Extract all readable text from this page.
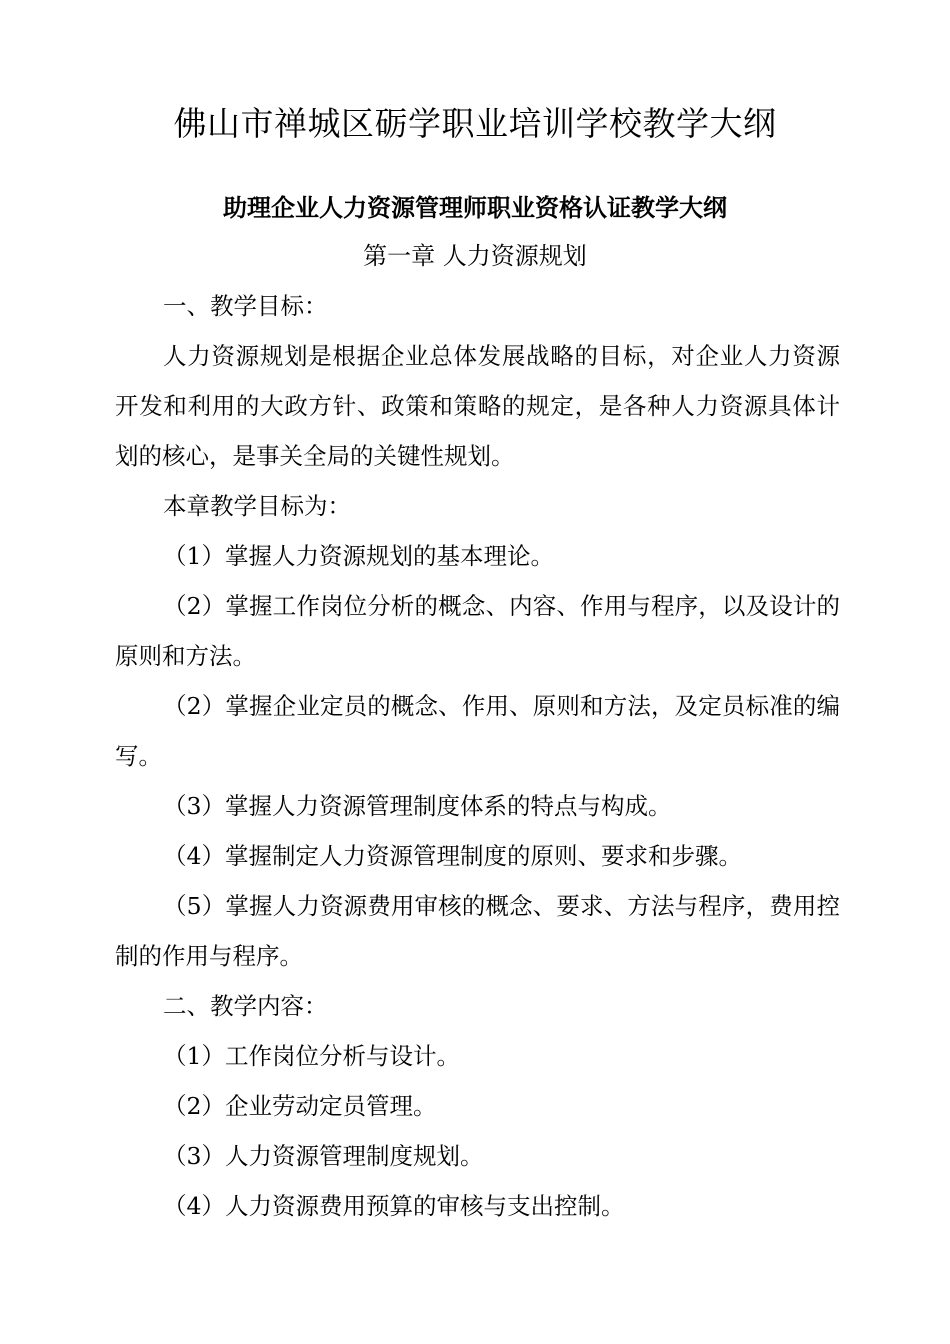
佛山市禅城区砺学职业培训学校教学大纲
助理企业人力资源管理师职业资格认证教学大纲
第一章 人力资源规划
一、教学目标：
人力资源规划是根据企业总体发展战略的目标，对企业人力资源开发和利用的大政方针、政策和策略的规定，是各种人力资源具体计划的核心，是事关全局的关键性规划。
本章教学目标为：
（1）掌握人力资源规划的基本理论。
（2）掌握工作岗位分析的概念、内容、作用与程序，以及设计的原则和方法。
（2）掌握企业定员的概念、作用、原则和方法，及定员标准的编写。
（3）掌握人力资源管理制度体系的特点与构成。
（4）掌握制定人力资源管理制度的原则、要求和步骤。
（5）掌握人力资源费用审核的概念、要求、方法与程序，费用控制的作用与程序。
二、教学内容：
（1）工作岗位分析与设计。
（2）企业劳动定员管理。
（3）人力资源管理制度规划。
（4）人力资源费用预算的审核与支出控制。
